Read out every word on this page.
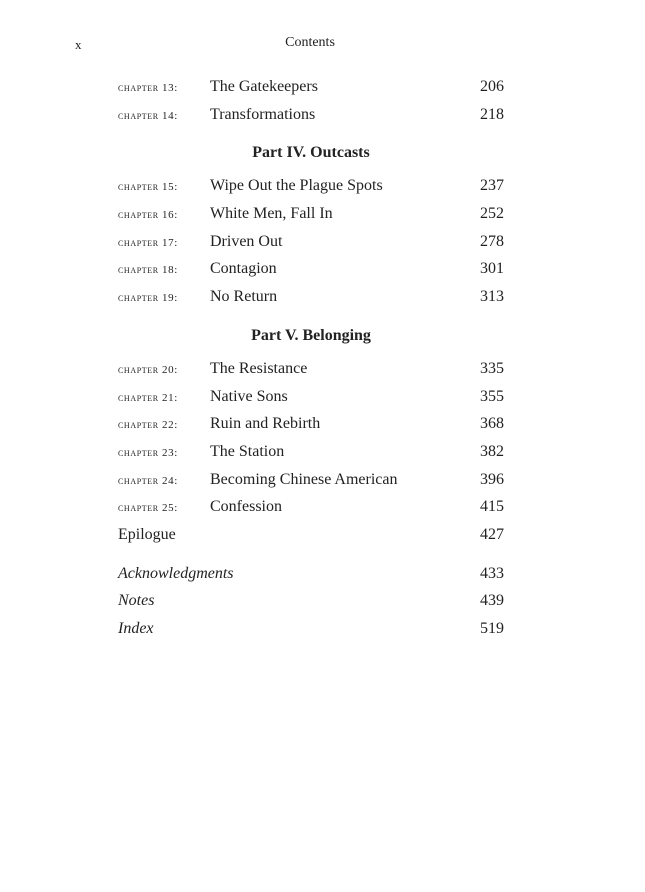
x	Contents
chapter 13: The Gatekeepers	206
chapter 14: Transformations	218
Part IV. Outcasts
chapter 15: Wipe Out the Plague Spots	237
chapter 16: White Men, Fall In	252
chapter 17: Driven Out	278
chapter 18: Contagion	301
chapter 19: No Return	313
Part V. Belonging
chapter 20: The Resistance	335
chapter 21: Native Sons	355
chapter 22: Ruin and Rebirth	368
chapter 23: The Station	382
chapter 24: Becoming Chinese American	396
chapter 25: Confession	415
Epilogue	427
Acknowledgments	433
Notes	439
Index	519
